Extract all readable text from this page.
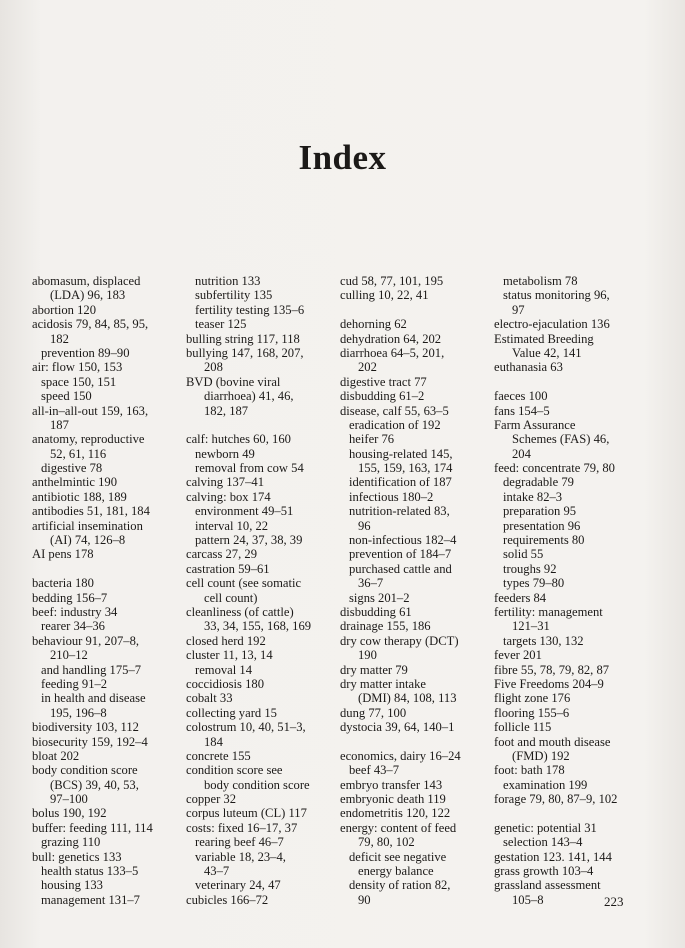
Index
abomasum, displaced
(LDA) 96, 183
abortion 120
acidosis 79, 84, 85, 95,
182
prevention 89–90
air: flow 150, 153
space 150, 151
speed 150
all-in–all-out 159, 163,
187
anatomy, reproductive
52, 61, 116
digestive 78
anthelmintic 190
antibiotic 188, 189
antibodies 51, 181, 184
artificial insemination
(AI) 74, 126–8
AI pens 178
bacteria 180
bedding 156–7
beef: industry 34
rearer 34–36
behaviour 91, 207–8,
210–12
and handling 175–7
feeding 91–2
in health and disease
195, 196–8
biodiversity 103, 112
biosecurity 159, 192–4
bloat 202
body condition score
(BCS) 39, 40, 53,
97–100
bolus 190, 192
buffer: feeding 111, 114
grazing 110
bull: genetics 133
health status 133–5
housing 133
management 131–7
nutrition 133
subfertility 135
fertility testing 135–6
teaser 125
bulling string 117, 118
bullying 147, 168, 207,
208
BVD (bovine viral
diarrhoea) 41, 46,
182, 187
calf: hutches 60, 160
newborn 49
removal from cow 54
calving 137–41
calving: box 174
environment 49–51
interval 10, 22
pattern 24, 37, 38, 39
carcass 27, 29
castration 59–61
cell count (see somatic
cell count)
cleanliness (of cattle)
33, 34, 155, 168, 169
closed herd 192
cluster 11, 13, 14
removal 14
coccidiosis 180
cobalt 33
collecting yard 15
colostrum 10, 40, 51–3,
184
concrete 155
condition score see
body condition score
copper 32
corpus luteum (CL) 117
costs: fixed 16–17, 37
rearing beef 46–7
variable 18, 23–4,
43–7
veterinary 24, 47
cubicles 166–72
cud 58, 77, 101, 195
culling 10, 22, 41
dehorning 62
dehydration 64, 202
diarrhoea 64–5, 201,
202
digestive tract 77
disbudding 61–2
disease, calf 55, 63–5
eradication of 192
heifer 76
housing-related 145,
155, 159, 163, 174
identification of 187
infectious 180–2
nutrition-related 83,
96
non-infectious 182–4
prevention of 184–7
purchased cattle and
36–7
signs 201–2
disbudding 61
drainage 155, 186
dry cow therapy (DCT)
190
dry matter 79
dry matter intake
(DMI) 84, 108, 113
dung 77, 100
dystocia 39, 64, 140–1
economics, dairy 16–24
beef 43–7
embryo transfer 143
embryonic death 119
endometritis 120, 122
energy: content of feed
79, 80, 102
deficit see negative
energy balance
density of ration 82,
90
metabolism 78
status monitoring 96,
97
electro-ejaculation 136
Estimated Breeding
Value 42, 141
euthanasia 63
faeces 100
fans 154–5
Farm Assurance
Schemes (FAS) 46,
204
feed: concentrate 79, 80
degradable 79
intake 82–3
preparation 95
presentation 96
requirements 80
solid 55
troughs 92
types 79–80
feeders 84
fertility: management
121–31
targets 130, 132
fever 201
fibre 55, 78, 79, 82, 87
Five Freedoms 204–9
flight zone 176
flooring 155–6
follicle 115
foot and mouth disease
(FMD) 192
foot: bath 178
examination 199
forage 79, 80, 87–9, 102
genetic: potential 31
selection 143–4
gestation 123. 141, 144
grass growth 103–4
grassland assessment
105–8	223
